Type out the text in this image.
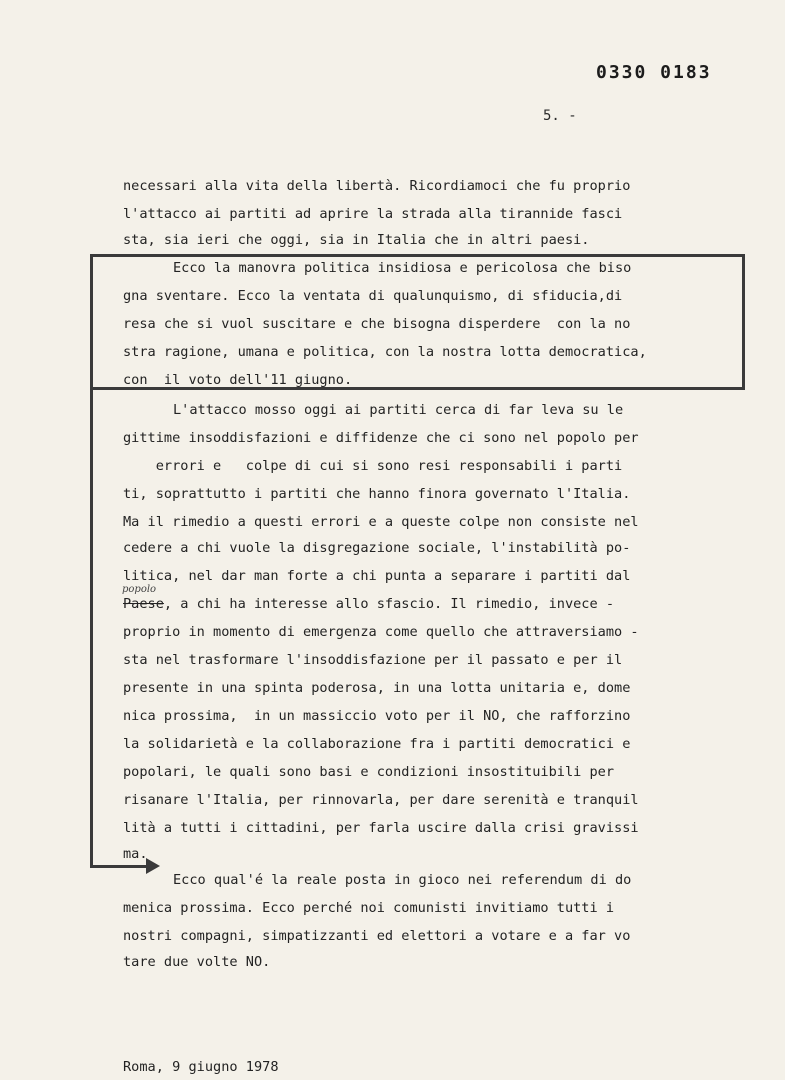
0330 0183
5. -
necessari alla vita della libertà. Ricordiamoci che fu proprio
l'attacco ai partiti ad aprire la strada alla tirannide fasci
sta, sia ieri che oggi, sia in Italia che in altri paesi.
Ecco la manovra politica insidiosa e pericolosa che biso
gna sventare. Ecco la ventata di qualunquismo, di sfiducia,di
resa che si vuol suscitare e che bisogna disperdere  con la no
stra ragione, umana e politica, con la nostra lotta democratica,
con  il voto dell'11 giugno.
L'attacco mosso oggi ai partiti cerca di far leva su le
gittime insoddisfazioni e diffidenze che ci sono nel popolo per
errori e   colpe di cui si sono resi responsabili i parti
ti, soprattutto i partiti che hanno finora governato l'Italia.
Ma il rimedio a questi errori e a queste colpe non consiste nel
cedere a chi vuole la disgregazione sociale, l'instabilità po-
litica, nel dar man forte a chi punta a separare i partiti dal
popolo
Paese, a chi ha interesse allo sfascio. Il rimedio, invece -
proprio in momento di emergenza come quello che attraversiamo -
sta nel trasformare l'insoddisfazione per il passato e per il
presente in una spinta poderosa, in una lotta unitaria e, dome
nica prossima,  in un massiccio voto per il NO, che rafforzino
la solidarietà e la collaborazione fra i partiti democratici e
popolari, le quali sono basi e condizioni insostituibili per
risanare l'Italia, per rinnovarla, per dare serenità e tranquil
lità a tutti i cittadini, per farla uscire dalla crisi gravissi
ma.
Ecco qual'é la reale posta in gioco nei referendum di do
menica prossima. Ecco perché noi comunisti invitiamo tutti i
nostri compagni, simpatizzanti ed elettori a votare e a far vo
tare due volte NO.
Roma, 9 giugno 1978
